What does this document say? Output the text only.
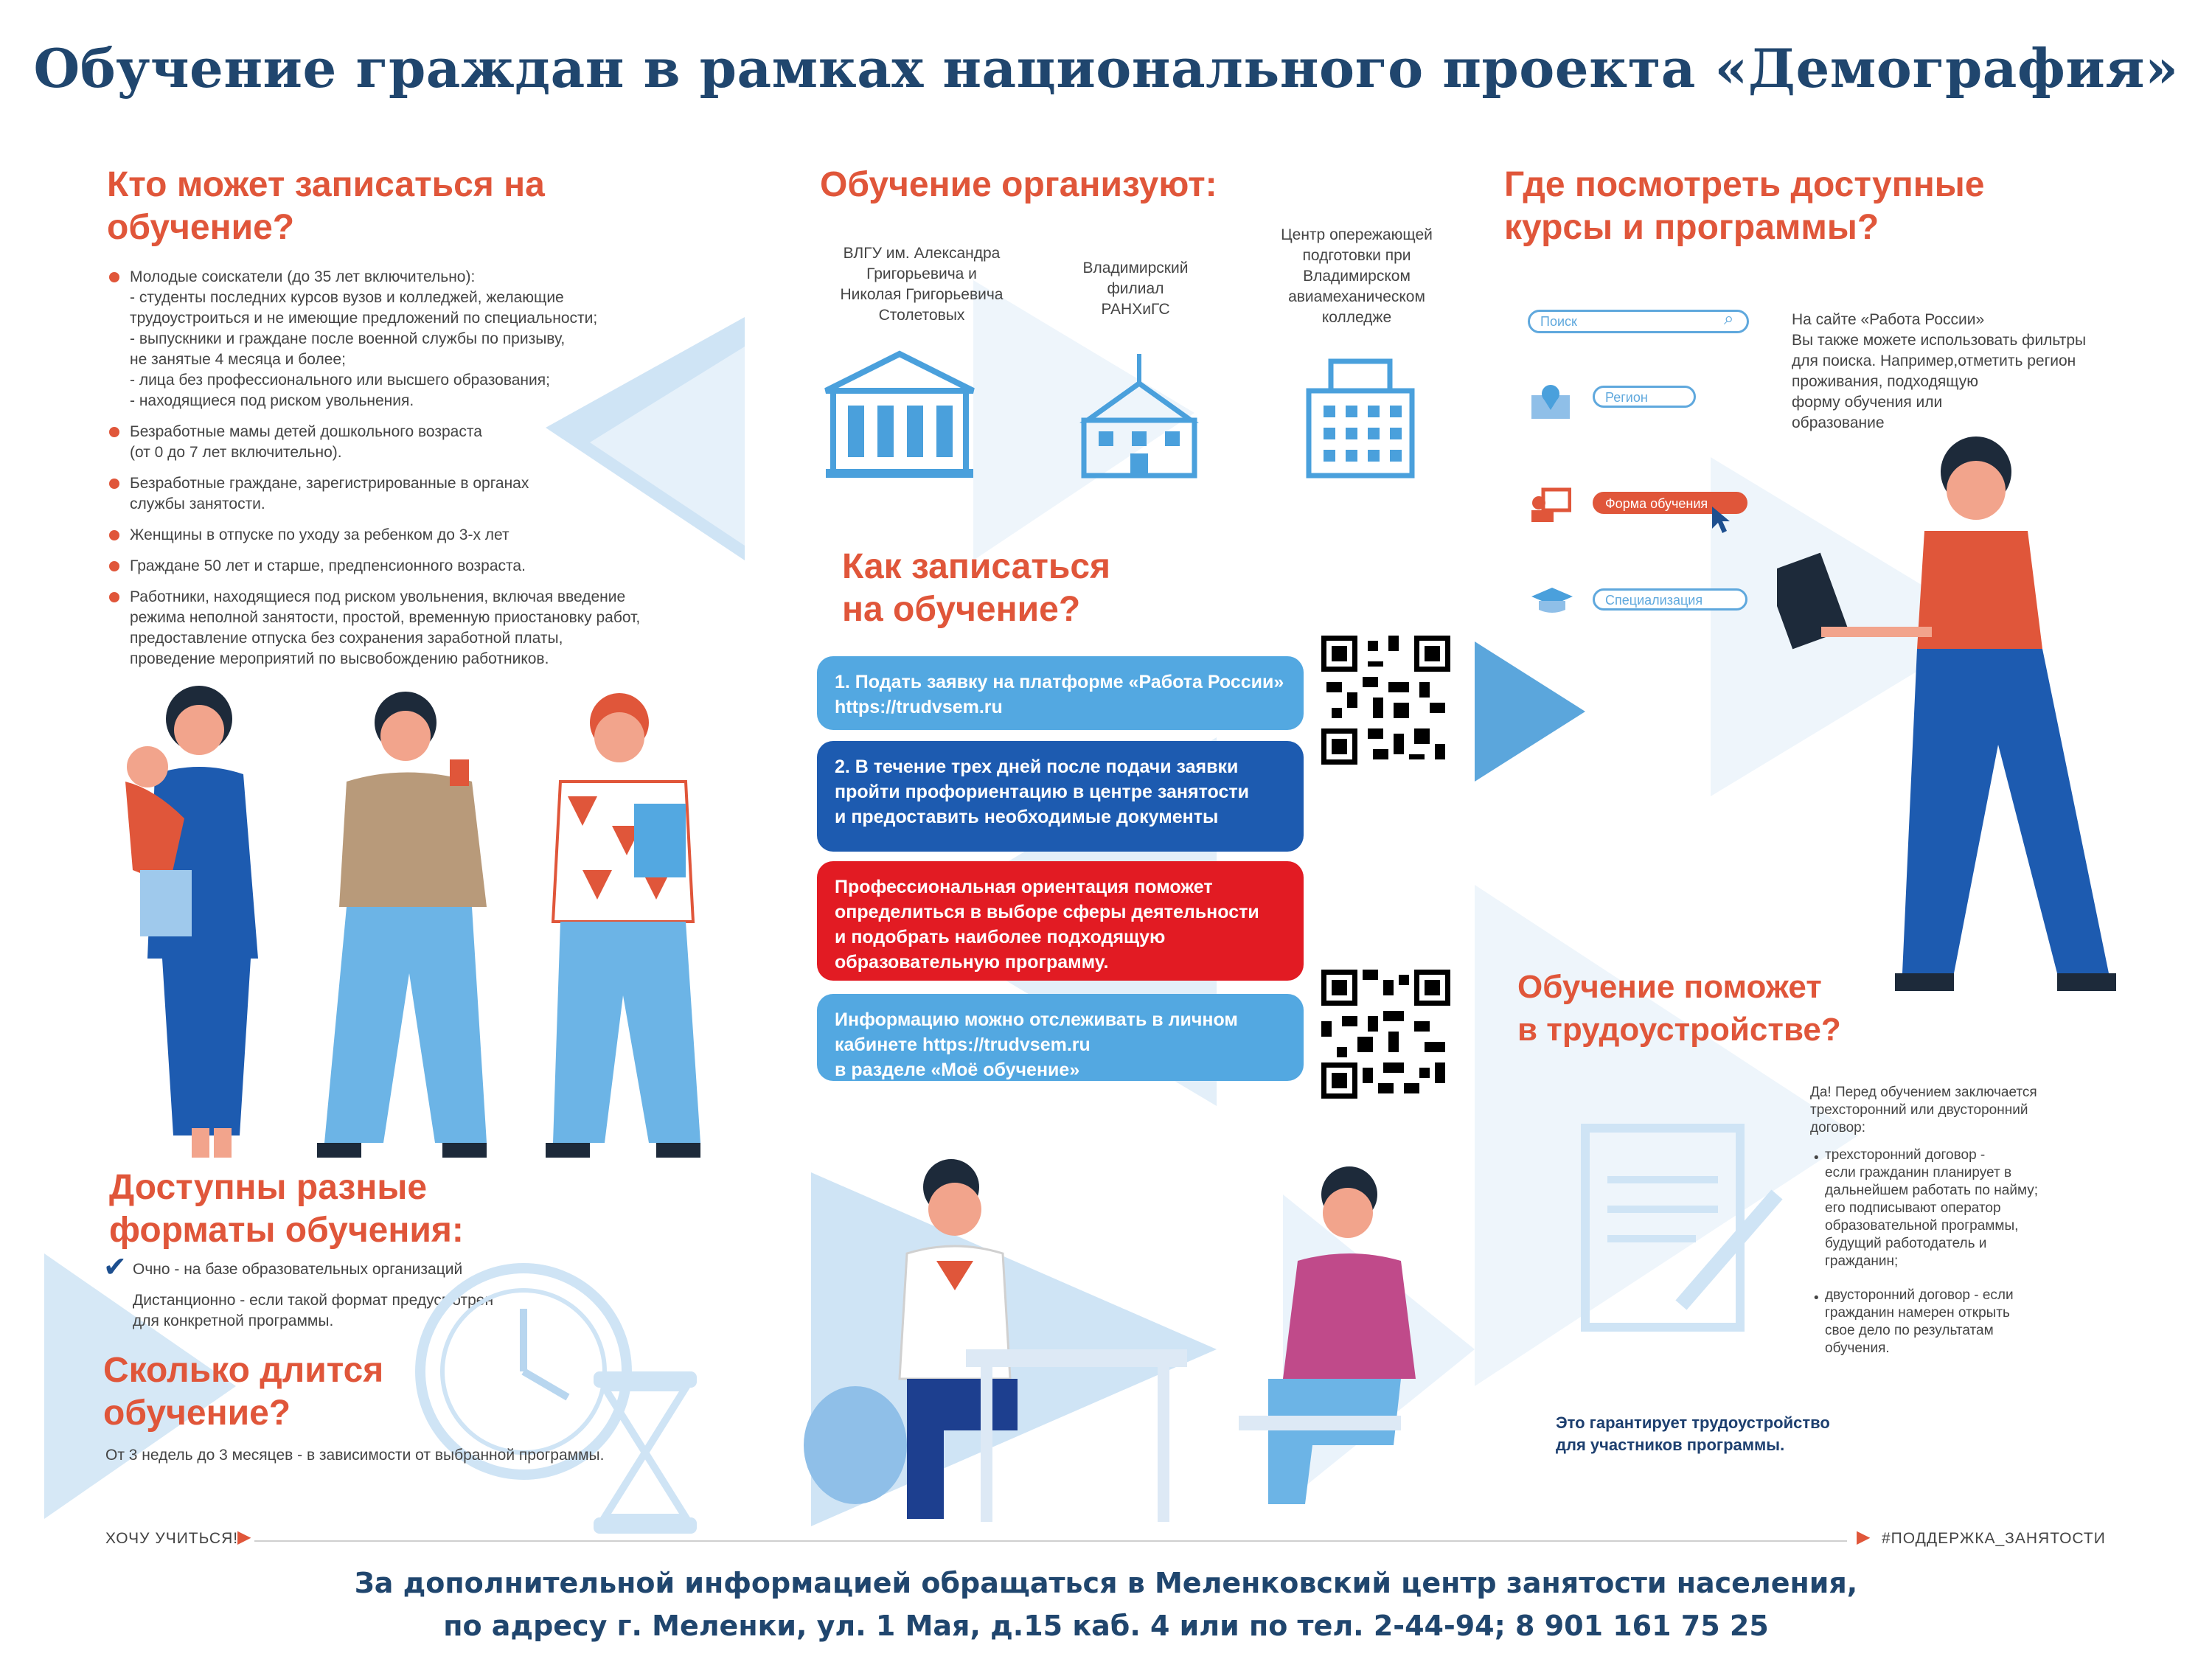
Обучение граждан в рамках национального проекта «Демография»
Кто может записаться на
обучение?
Молодые соискатели (до 35 лет включительно):
- студенты последних курсов вузов и колледжей, желающие
трудоустроиться и не имеющие предложений по специальности;
- выпускники и граждане после военной службы по призыву,
не занятые 4 месяца и более;
- лица без профессионального или высшего образования;
- находящиеся под риском увольнения.
Безработные мамы детей дошкольного возраста
(от 0 до 7 лет включительно).
Безработные граждане, зарегистрированные в органах
службы занятости.
Женщины в отпуске по уходу за ребенком до 3-х лет
Граждане 50 лет и старше, предпенсионного возраста.
Работники, находящиеся под риском увольнения, включая введение
режима неполной занятости, простой, временную приостановку работ,
предоставление отпуска без сохранения заработной платы,
проведение мероприятий по высвобождению работников.
Доступны разные
форматы обучения:
✔ Очно - на базе образовательных организаций
Дистанционно - если такой формат предусмотрен
для конкретной программы.
Сколько длится
обучение?
От 3 недель до 3 месяцев - в зависимости от выбранной программы.
Обучение организуют:
ВЛГУ им. Александра
Григорьевича и
Николая Григорьевича
Столетовых
Владимирский
филиал
РАНХиГС
Центр опережающей
подготовки при
Владимирском
авиамеханическом
колледже
Как записаться
на обучение?
1. Подать заявку на платформе «Работа России»
https://trudvsem.ru
2. В течение трех дней после подачи заявки
пройти профориентацию в центре занятости
и предоставить необходимые документы
Профессиональная ориентация поможет
определиться в выборе сферы деятельности
и подобрать наиболее подходящую
образовательную программу.
Информацию можно отслеживать в личном
кабинете https://trudvsem.ru
в разделе «Моё обучение»
Где посмотреть доступные
курсы и программы?
Поиск	⌕
Регион
Форма обучения
Специализация
На сайте «Работа России»
Вы также можете использовать фильтры
для поиска. Например,отметить регион
проживания, подходящую
форму обучения или
образование
Обучение поможет
в трудоустройстве?
Да! Перед обучением заключается
трехсторонний или двусторонний
договор:
трехсторонний договор -
если гражданин планирует в
дальнейшем работать по найму;
его подписывают оператор
образовательной программы,
будущий работодатель и
гражданин;
двусторонний договор - если
гражданин намерен открыть
свое дело по результатам
обучения.
•
•
Это гарантирует трудоустройство
для участников программы.
ХОЧУ УЧИТЬСЯ!
▶	▶ #ПОДДЕРЖКА_ЗАНЯТОСТИ
За дополнительной информацией обращаться в Меленковский центр занятости населения,
по адресу г. Меленки, ул. 1 Мая, д.15 каб. 4 или по тел. 2-44-94; 8 901 161 75 25
